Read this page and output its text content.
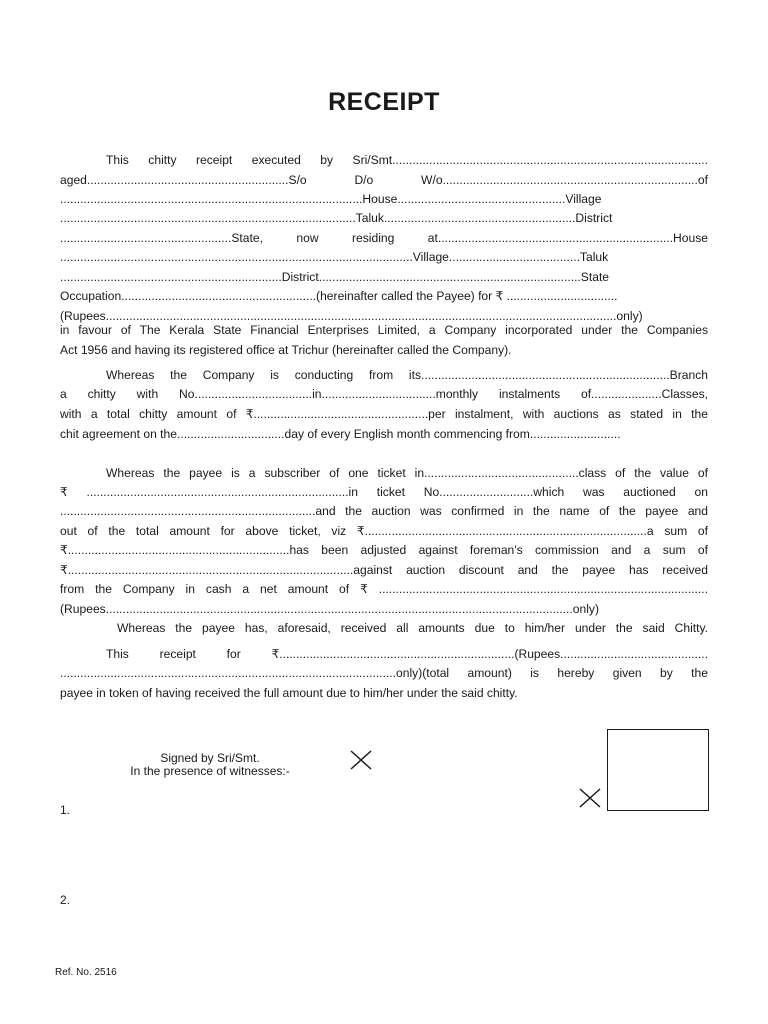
RECEIPT
This chitty receipt executed by Sri/Smt..............................................................................................
aged............................................................S/o D/o W/o............................................................................of
..........................................................................................House..................................................Village
........................................................................................Taluk.........................................................District
...................................................State, now residing at......................................................................House
.........................................................................................................Village.......................................Taluk
..................................................................District..............................................................................State
Occupation..........................................................(hereinafter called the Payee) for ₹ .................................
(Rupees........................................................................................................................................................only)
in favour of The Kerala State Financial Enterprises Limited, a Company incorporated under the Companies
Act 1956 and having its registered office at Trichur (hereinafter called the Company).
Whereas the Company is conducting from its..........................................................................Branch
a chitty with No...................................in..................................monthly instalments of.....................Classes,
with a total chitty amount of ₹....................................................per instalment, with auctions as stated in the
chit agreement on the................................day of every English month commencing from...........................
Whereas the payee is a subscriber of one ticket in..............................................class of the value of
₹ ..............................................................................in ticket No............................which was auctioned on
............................................................................and the auction was confirmed in the name of the payee and
out of the total amount for above ticket, viz ₹....................................................................................a sum of
₹..................................................................has been adjusted against foreman's commission and a sum of
₹.....................................................................................against auction discount and the payee has received
from the Company in cash a net amount of ₹ ..................................................................................................
(Rupees...........................................................................................................................................only)
Whereas the payee has, aforesaid, received all amounts due to him/her under the said Chitty.
This receipt for ₹......................................................................(Rupees............................................
....................................................................................................only)(total amount) is hereby given by the
payee in token of having received the full amount due to him/her under the said chitty.
Signed by Sri/Smt.
In the presence of witnesses:-
1.
2.
Ref. No. 2516
